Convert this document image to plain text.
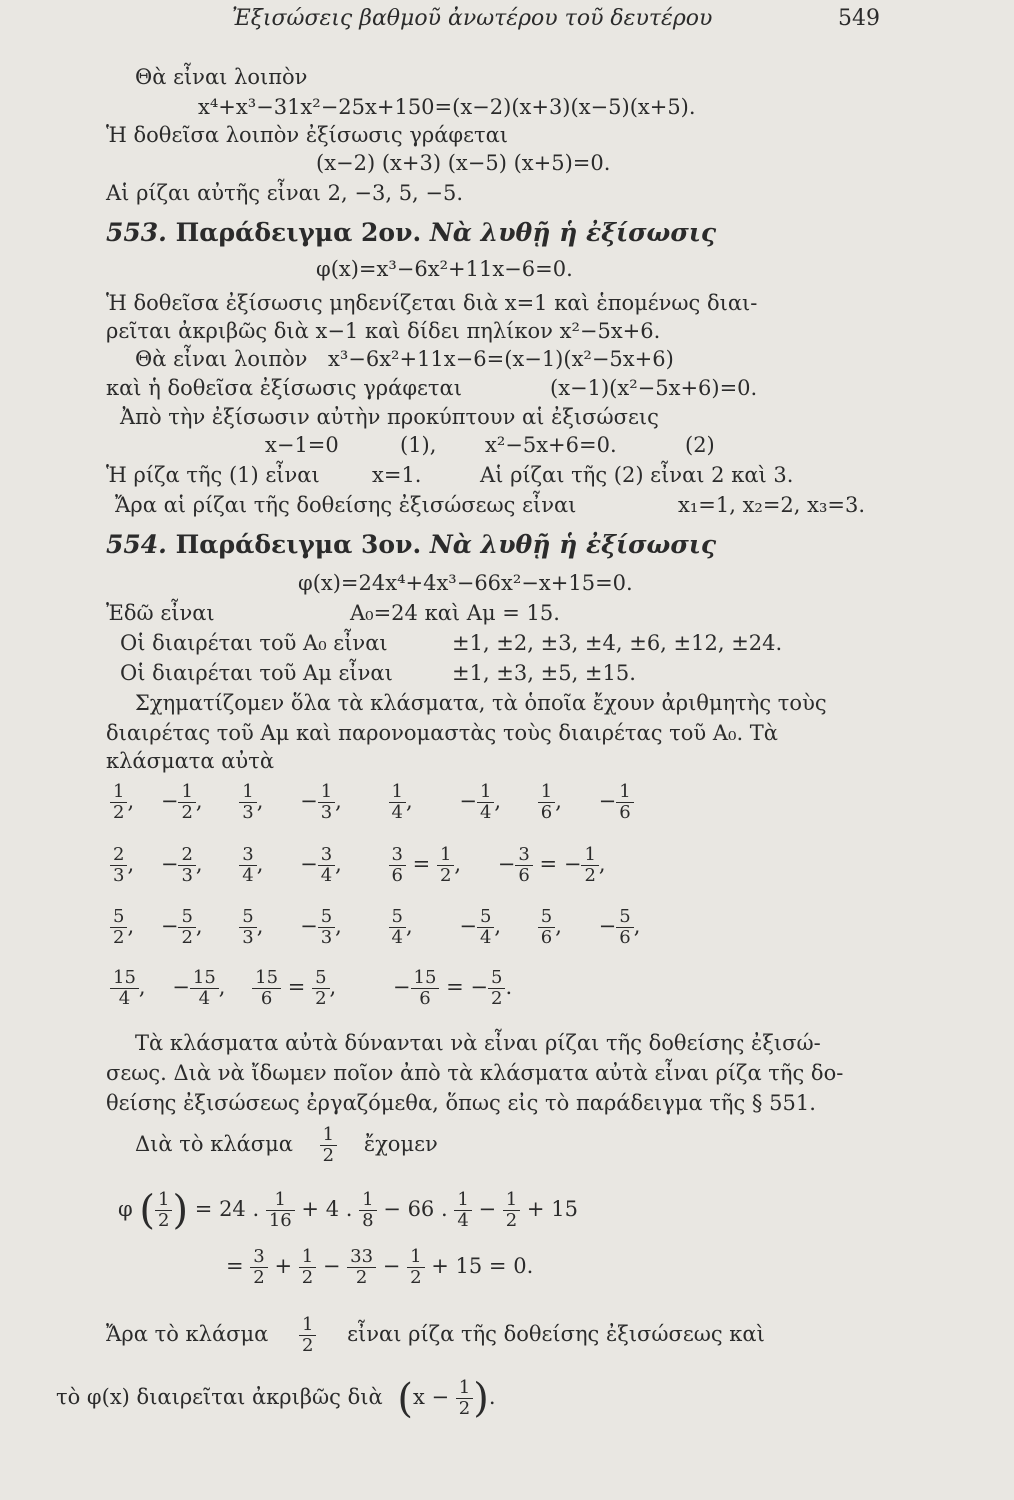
Ἐξισώσεις βαθμοῦ ἀνωτέρου τοῦ δευτέρου	549
Θὰ εἶναι λοιπὸν
x⁴+x³−31x²−25x+150=(x−2)(x+3)(x−5)(x+5).
Ἡ δοθεῖσα λοιπὸν ἐξίσωσις γράφεται
(x−2) (x+3) (x−5) (x+5)=0.
Αἱ ρίζαι αὐτῆς εἶναι 2, −3, 5, −5.
553. Παράδειγμα 2ον. Νὰ λυθῇ ἡ ἐξίσωσις
φ(x)=x³−6x²+11x−6=0.
Ἡ δοθεῖσα ἐξίσωσις μηδενίζεται διὰ x=1 καὶ ἑπομένως διαι-
ρεῖται ἀκριβῶς διὰ x−1 καὶ δίδει πηλίκον x²−5x+6.
Θὰ εἶναι λοιπὸν x³−6x²+11x−6=(x−1)(x²−5x+6)
καὶ ἡ δοθεῖσα ἐξίσωσις γράφεται	(x−1)(x²−5x+6)=0.
Ἀπὸ τὴν ἐξίσωσιν αὐτὴν προκύπτουν αἱ ἐξισώσεις
x−1=0	(1), x²−5x+6=0.	(2)
Ἡ ρίζα τῆς (1) εἶναι x=1.	Αἱ ρίζαι τῆς (2) εἶναι 2 καὶ 3.
Ἄρα αἱ ρίζαι τῆς δοθείσης ἐξισώσεως εἶναι	x₁=1, x₂=2, x₃=3.
554. Παράδειγμα 3ον. Νὰ λυθῇ ἡ ἐξίσωσις
φ(x)=24x⁴+4x³−66x²−x+15=0.
Ἐδῶ εἶναι	A₀=24 καὶ Aμ = 15.
Οἱ διαιρέται τοῦ A₀ εἶναι	±1, ±2, ±3, ±4, ±6, ±12, ±24.
Οἱ διαιρέται τοῦ Aμ εἶναι	±1, ±3, ±5, ±15.
Σχηματίζομεν ὅλα τὰ κλάσματα, τὰ ὁποῖα ἔχουν ἀριθμητὴς τοὺς
διαιρέτας τοῦ Aμ καὶ παρονομαστὰς τοὺς διαιρέτας τοῦ A₀. Τὰ
κλάσματα αὐτὰ
$\frac{1}{2}$ , − $\frac{1}{2}$ , $\frac{1}{3}$ , − $\frac{1}{3}$ ,	$\frac{1}{4}$ , − $\frac{1}{4}$ , $\frac{1}{6}$ , − $\frac{1}{6}$
$\frac{2}{3}$ , − $\frac{2}{3}$ , $\frac{3}{4}$ , − $\frac{3}{4}$ ,	$\frac{3}{6} = \frac{1}{2}$ , − $\frac{3}{6}$ = − $\frac{1}{2}$ ,
$\frac{5}{2}$ , − $\frac{5}{2}$ , $\frac{5}{3}$ , − $\frac{5}{3}$ ,	$\frac{5}{4}$ , − $\frac{5}{4}$ , $\frac{5}{6}$ , − $\frac{5}{6}$ ,
$\frac{15}{4}$ , − $\frac{15}{4}$ , $\frac{15}{6} = \frac{5}{2}$ ,	− $\frac{15}{6}$ = − $\frac{5}{2}$ .
Τὰ κλάσματα αὐτὰ δύνανται νὰ εἶναι ρίζαι τῆς δοθείσης ἐξισώ-
σεως. Διὰ νὰ ἴδωμεν ποῖον ἀπὸ τὰ κλάσματα αὐτὰ εἶναι ρίζα τῆς δο-
θείσης ἐξισώσεως ἐργαζόμεθα, ὅπως εἰς τὸ παράδειγμα τῆς § 551.
Διὰ τὸ κλάσμα $\frac{1}{2}$ ἔχομεν
φ ( $\frac{1}{2}$ ) = 24 . $\frac{1}{16} + 4$ . $\frac{1}{8} - 66$ . $\frac{1}{4} - \frac{1}{2} + 15$
= $\frac{3}{2} + \frac{1}{2} - \frac{33}{2} - \frac{1}{2} + 15 = 0$.
Ἄρα τὸ κλάσμα $\frac{1}{2}$ εἶναι ρίζα τῆς δοθείσης ἐξισώσεως καὶ
τὸ φ(x) διαιρεῖται ἀκριβῶς διὰ ($x - \frac{1}{2}$ ).
